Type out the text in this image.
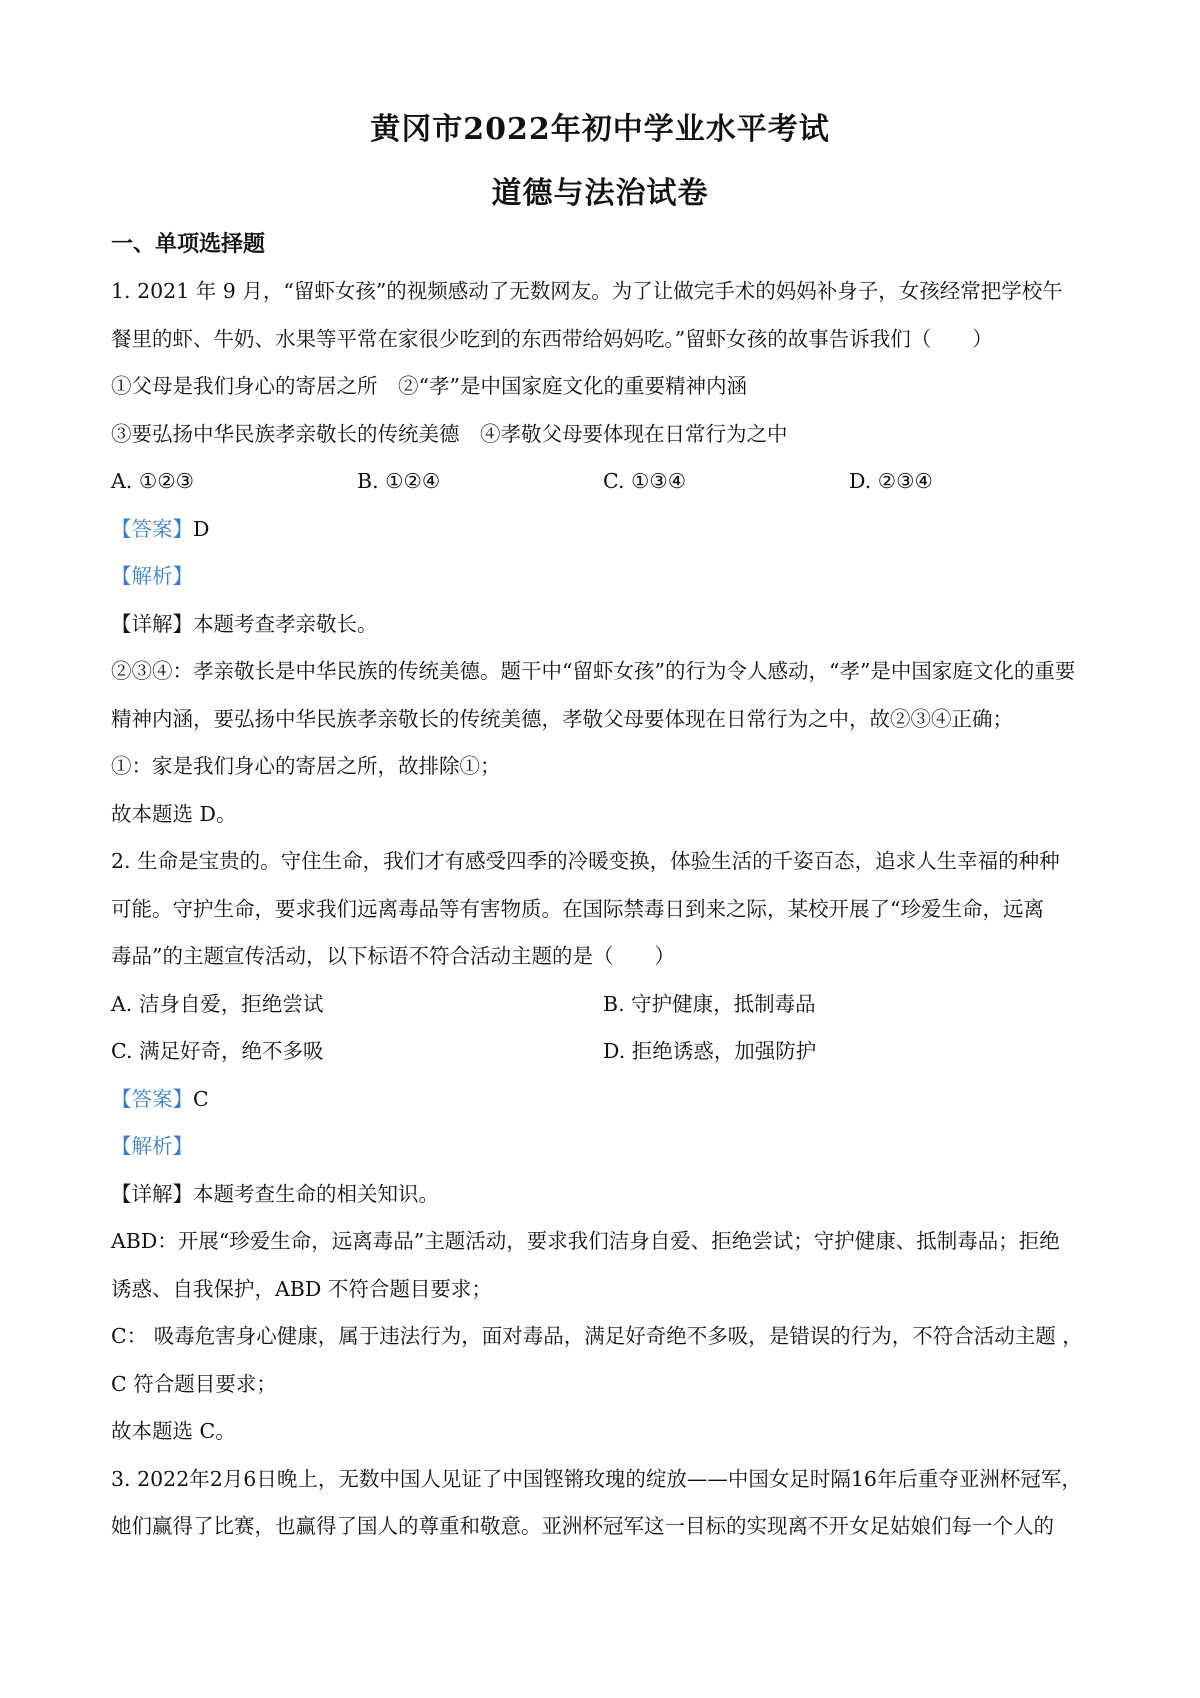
黄冈市2022年初中学业水平考试
道德与法治试卷
一、单项选择题
1. 2021 年 9 月，“留虾女孩”的视频感动了无数网友。为了让做完手术的妈妈补身子，女孩经常把学校午
餐里的虾、牛奶、水果等平常在家很少吃到的东西带给妈妈吃。”留虾女孩的故事告诉我们（　　）
①父母是我们身心的寄居之所　②“孝”是中国家庭文化的重要精神内涵
③要弘扬中华民族孝亲敬长的传统美德　④孝敬父母要体现在日常行为之中
A. ①②③	B. ①②④	C. ①③④	D. ②③④
【答案】D
【解析】
【详解】本题考查孝亲敬长。
②③④：孝亲敬长是中华民族的传统美德。题干中“留虾女孩”的行为令人感动，“孝”是中国家庭文化的重要
精神内涵，要弘扬中华民族孝亲敬长的传统美德，孝敬父母要体现在日常行为之中，故②③④正确；
①：家是我们身心的寄居之所，故排除①；
故本题选 D。
2. 生命是宝贵的。守住生命，我们才有感受四季的冷暖变换，体验生活的千姿百态，追求人生幸福的种种
可能。守护生命，要求我们远离毒品等有害物质。在国际禁毒日到来之际，某校开展了“珍爱生命，远离
毒品”的主题宣传活动，以下标语不符合活动主题的是（　　）
A. 洁身自爱，拒绝尝试	B. 守护健康，抵制毒品
C. 满足好奇，绝不多吸	D. 拒绝诱惑，加强防护
【答案】C
【解析】
【详解】本题考查生命的相关知识。
ABD：开展“珍爱生命，远离毒品”主题活动，要求我们洁身自爱、拒绝尝试；守护健康、抵制毒品；拒绝
诱惑、自我保护，ABD 不符合题目要求；
C： 吸毒危害身心健康，属于违法行为，面对毒品，满足好奇绝不多吸，是错误的行为，不符合活动主题 ，
C 符合题目要求；
故本题选 C。
3. 2022年2月6日晚上，无数中国人见证了中国铿锵玫瑰的绽放——中国女足时隔16年后重夺亚洲杯冠军，
她们赢得了比赛，也赢得了国人的尊重和敬意。亚洲杯冠军这一目标的实现离不开女足姑娘们每一个人的
